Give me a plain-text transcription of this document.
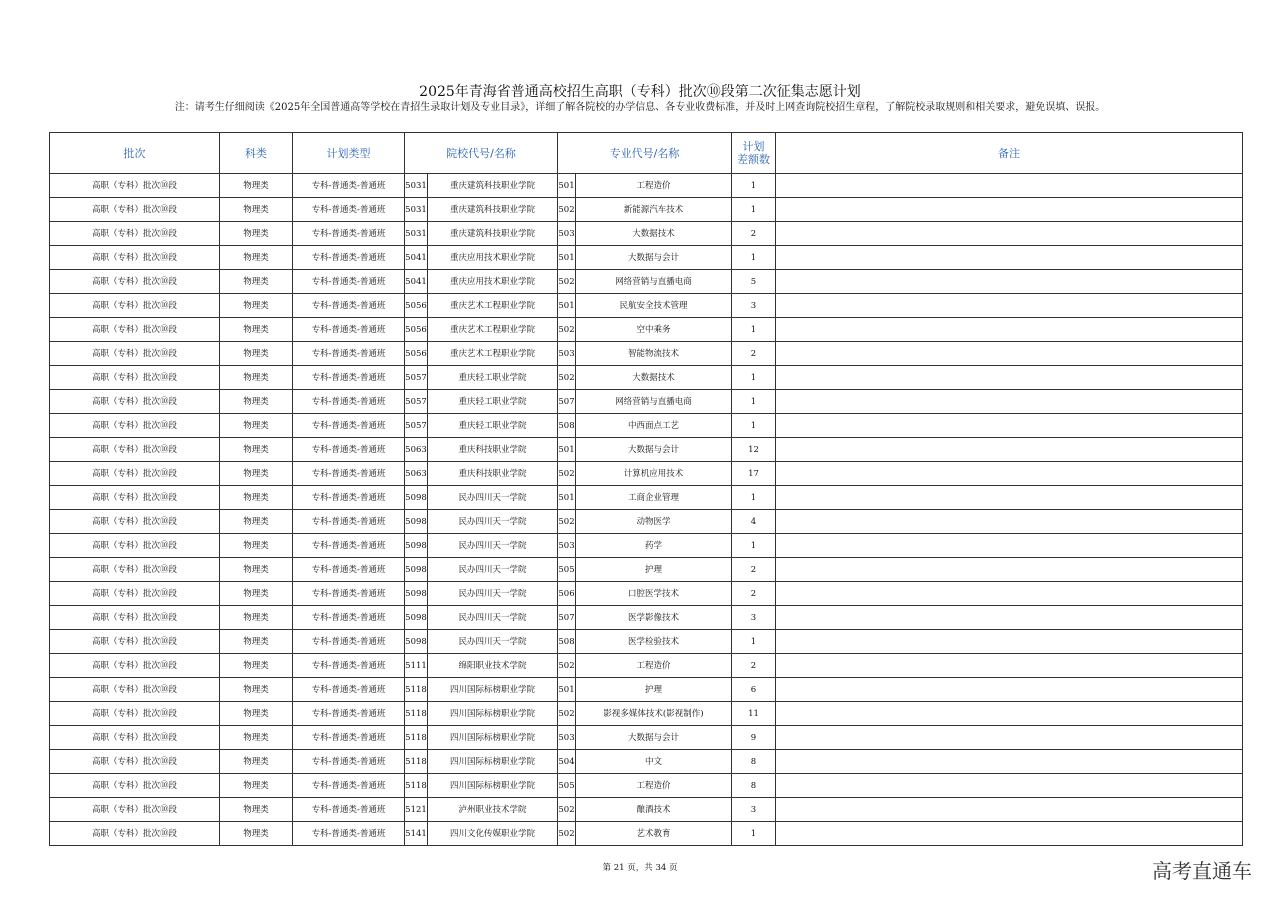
2025年青海省普通高校招生高职（专科）批次⑩段第二次征集志愿计划
注：请考生仔细阅读《2025年全国普通高等学校在青招生录取计划及专业目录》，详细了解各院校的办学信息、各专业收费标准，并及时上网查询院校招生章程，了解院校录取规则和相关要求，避免误填、误报。
批次	科类	计划类型	院校代号/名称		专业代号/名称		计划
差额数	备注
高职（专科）批次⑩段	物理类	专科-普通类-普通班	5031	重庆建筑科技职业学院	501	工程造价	1	
高职（专科）批次⑩段	物理类	专科-普通类-普通班	5031	重庆建筑科技职业学院	502	新能源汽车技术	1	
高职（专科）批次⑩段	物理类	专科-普通类-普通班	5031	重庆建筑科技职业学院	503	大数据技术	2	
高职（专科）批次⑩段	物理类	专科-普通类-普通班	5041	重庆应用技术职业学院	501	大数据与会计	1	
高职（专科）批次⑩段	物理类	专科-普通类-普通班	5041	重庆应用技术职业学院	502	网络营销与直播电商	5	
高职（专科）批次⑩段	物理类	专科-普通类-普通班	5056	重庆艺术工程职业学院	501	民航安全技术管理	3	
高职（专科）批次⑩段	物理类	专科-普通类-普通班	5056	重庆艺术工程职业学院	502	空中乘务	1	
高职（专科）批次⑩段	物理类	专科-普通类-普通班	5056	重庆艺术工程职业学院	503	智能物流技术	2	
高职（专科）批次⑩段	物理类	专科-普通类-普通班	5057	重庆轻工职业学院	502	大数据技术	1	
高职（专科）批次⑩段	物理类	专科-普通类-普通班	5057	重庆轻工职业学院	507	网络营销与直播电商	1	
高职（专科）批次⑩段	物理类	专科-普通类-普通班	5057	重庆轻工职业学院	508	中西面点工艺	1	
高职（专科）批次⑩段	物理类	专科-普通类-普通班	5063	重庆科技职业学院	501	大数据与会计	12	
高职（专科）批次⑩段	物理类	专科-普通类-普通班	5063	重庆科技职业学院	502	计算机应用技术	17	
高职（专科）批次⑩段	物理类	专科-普通类-普通班	5098	民办四川天一学院	501	工商企业管理	1	
高职（专科）批次⑩段	物理类	专科-普通类-普通班	5098	民办四川天一学院	502	动物医学	4	
高职（专科）批次⑩段	物理类	专科-普通类-普通班	5098	民办四川天一学院	503	药学	1	
高职（专科）批次⑩段	物理类	专科-普通类-普通班	5098	民办四川天一学院	505	护理	2	
高职（专科）批次⑩段	物理类	专科-普通类-普通班	5098	民办四川天一学院	506	口腔医学技术	2	
高职（专科）批次⑩段	物理类	专科-普通类-普通班	5098	民办四川天一学院	507	医学影像技术	3	
高职（专科）批次⑩段	物理类	专科-普通类-普通班	5098	民办四川天一学院	508	医学检验技术	1	
高职（专科）批次⑩段	物理类	专科-普通类-普通班	5111	绵阳职业技术学院	502	工程造价	2	
高职（专科）批次⑩段	物理类	专科-普通类-普通班	5118	四川国际标榜职业学院	501	护理	6	
高职（专科）批次⑩段	物理类	专科-普通类-普通班	5118	四川国际标榜职业学院	502	影视多媒体技术(影视制作)	11	
高职（专科）批次⑩段	物理类	专科-普通类-普通班	5118	四川国际标榜职业学院	503	大数据与会计	9	
高职（专科）批次⑩段	物理类	专科-普通类-普通班	5118	四川国际标榜职业学院	504	中文	8	
高职（专科）批次⑩段	物理类	专科-普通类-普通班	5118	四川国际标榜职业学院	505	工程造价	8	
高职（专科）批次⑩段	物理类	专科-普通类-普通班	5121	泸州职业技术学院	502	酿酒技术	3	
高职（专科）批次⑩段	物理类	专科-普通类-普通班	5141	四川文化传媒职业学院	502	艺术教育	1	
第 21 页，共 34 页	高考直通车
